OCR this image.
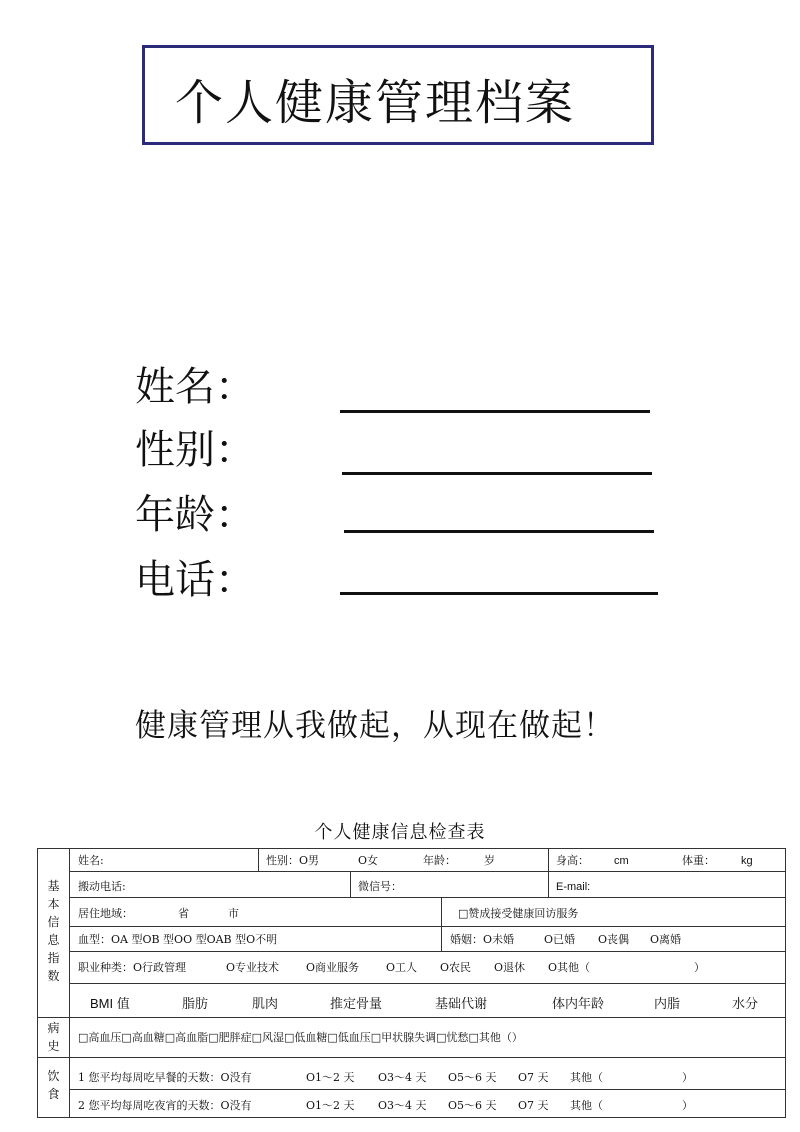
个人健康管理档案
姓名：
性别：
年龄：
电话：
健康管理从我做起，从现在做起！
个人健康信息检查表
基
本
信
息
指
数
病
史
饮
食
姓名:	性别：O男	O女	年龄：	岁	身高： cm	体重： kg
搬动电话:	微信号：	E-mail:
居住地域：	省	市	□赞成接受健康回访服务
血型：OA 型OB 型OO 型OAB 型O不明	婚姻：O未婚	O已婚 O丧偶 O离婚
职业种类：O行政管理	O专业技术 O商业服务 O工人 O农民 O退休 O其他（	）
BMI 值	脂肪	肌肉	推定骨量	基础代谢	体内年龄	内脂	水分
□高血压□高血糖□高血脂□肥胖症□风湿□低血糖□低血压□甲状腺失调□忧愁□其他（）
1 您平均每周吃早餐的天数：O没有	O1～2 天 O3～4 天 O5～6 天 O7 天 其他（	）
2 您平均每周吃夜宵的天数：O没有	O1～2 天 O3～4 天 O5～6 天 O7 天 其他（	）
